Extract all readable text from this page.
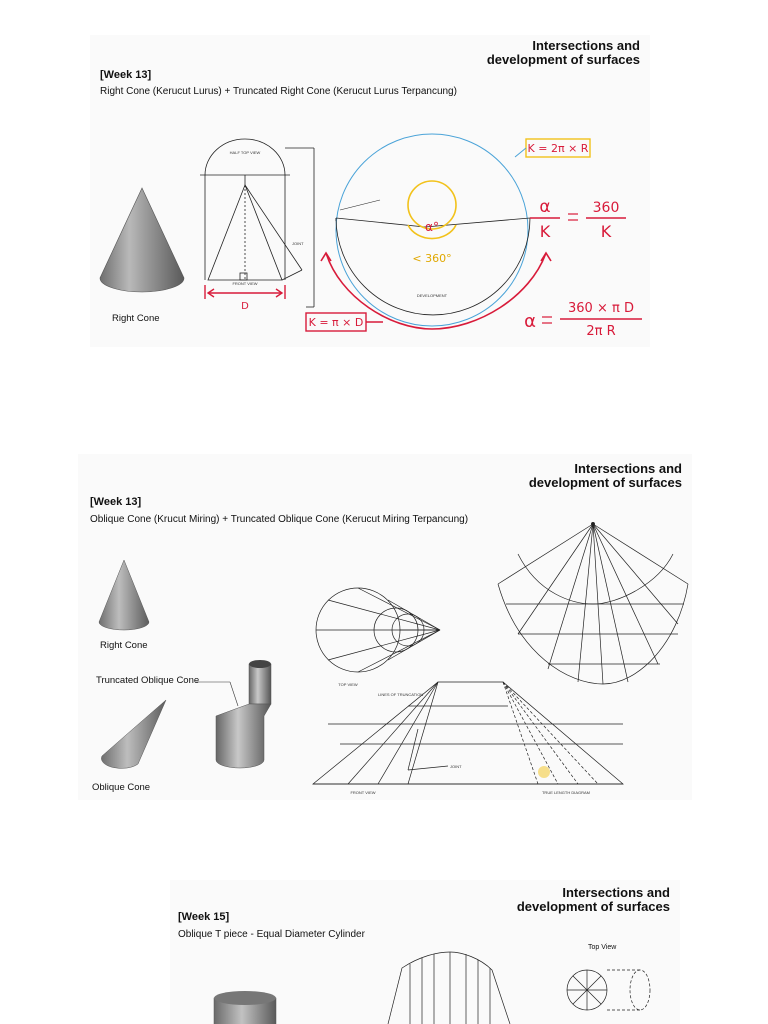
D
HALF TOP VIEW
FRONT VIEW
JOINT
DEVELOPMENT
α°
< 360°
K = 2π × R
K = π × D
α
K
360
K
α
360 × π D
2π R
Intersections and
development of surfaces
[Week 13]
Right Cone (Kerucut Lurus) + Truncated Right Cone (Kerucut Lurus Terpancung)
Right Cone
TOP VIEW
LINES OF TRUNCATION
JOINT
FRONT VIEW	TRUE LENGTH DIAGRAM
Intersections and
development of surfaces
[Week 13]
Oblique Cone (Krucut Miring) + Truncated Oblique Cone (Kerucut Miring Terpancung)
Right Cone
Truncated Oblique Cone
Oblique Cone
Intersections and
development of surfaces
[Week 15]
Oblique T piece - Equal Diameter Cylinder
Top View
